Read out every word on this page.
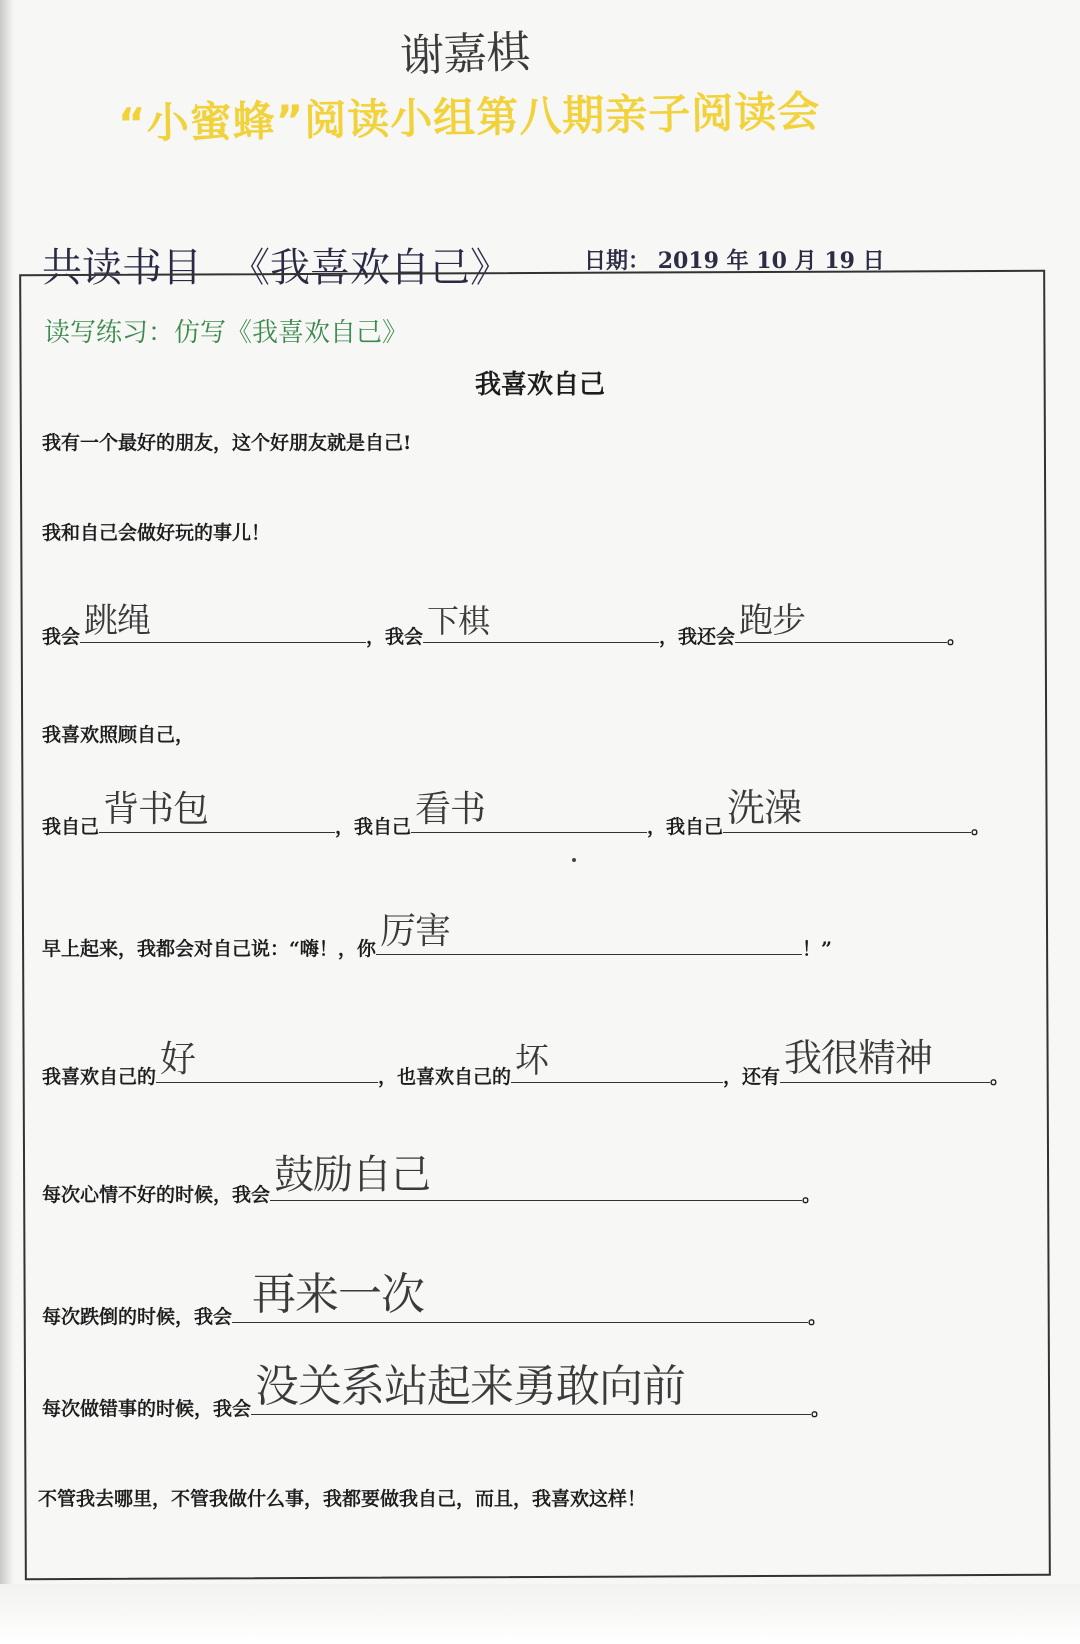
谢嘉棋
“小蜜蜂”阅读小组第八期亲子阅读会
共读书目 《我喜欢自己》	日期： 2019 年 10 月 19 日
读写练习：仿写《我喜欢自己》
我喜欢自己
我有一个最好的朋友，这个好朋友就是自己!
我和自己会做好玩的事儿！
我会 跳绳	，我会 下棋	，我还会 跑步	。
我喜欢照顾自己，
我自己 背书包	，我自己 看书	，我自己 洗澡	。
早上起来，我都会对自己说：“嗨！，你 厉害	！”
我喜欢自己的 好	，也喜欢自己的 坏	，还有 我很精神	。
每次心情不好的时候，我会 鼓励自己	。
每次跌倒的时候，我会 再来一次	。
每次做错事的时候，我会 没关系站起来勇敢向前	。
不管我去哪里，不管我做什么事，我都要做我自己，而且，我喜欢这样！
